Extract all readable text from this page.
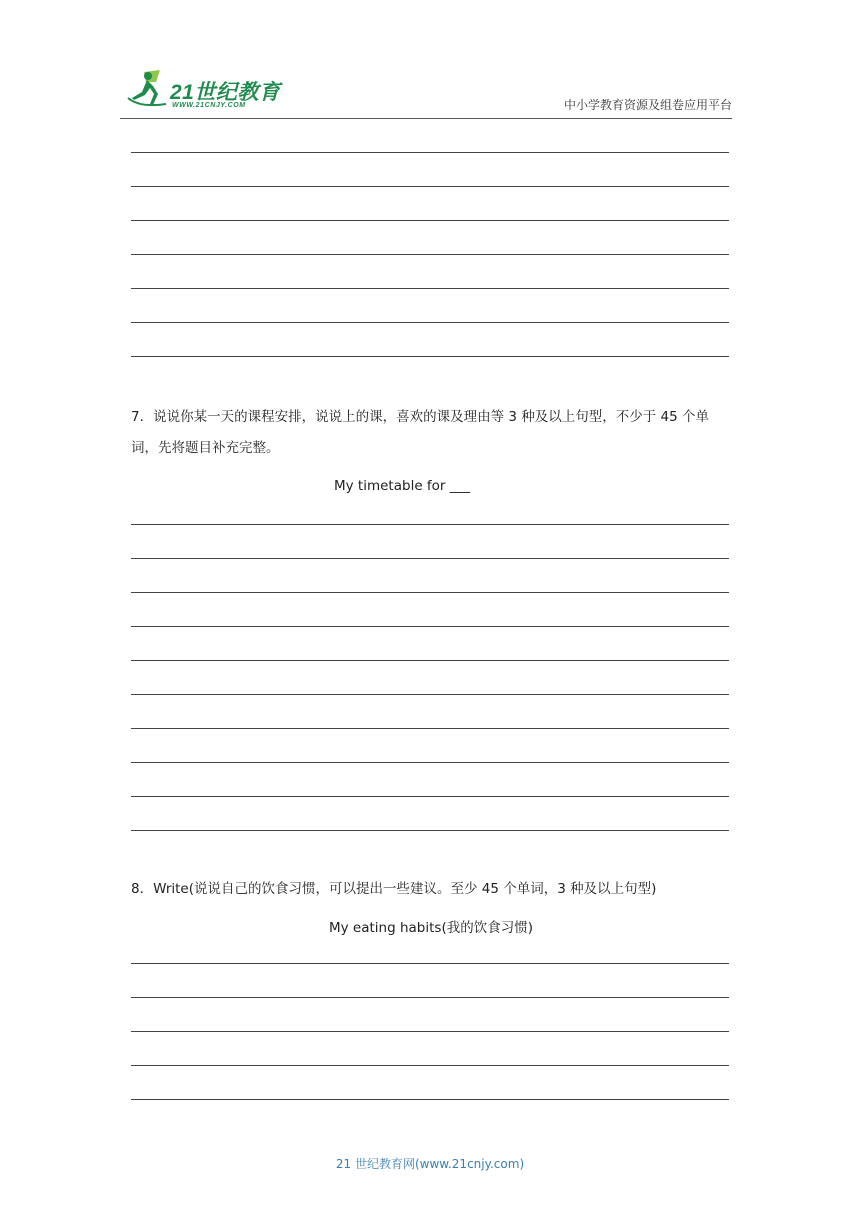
21世纪教育
WWW.21CNJY.COM	中小学教育资源及组卷应用平台
7．说说你某一天的课程安排，说说上的课，喜欢的课及理由等 3 种及以上句型，不少于 45 个单词，先将题目补充完整。
My timetable for ___
8．Write(说说自己的饮食习惯，可以提出一些建议。至少 45 个单词，3 种及以上句型)
My eating habits(我的饮食习惯)
21 世纪教育网(www.21cnjy.com)
